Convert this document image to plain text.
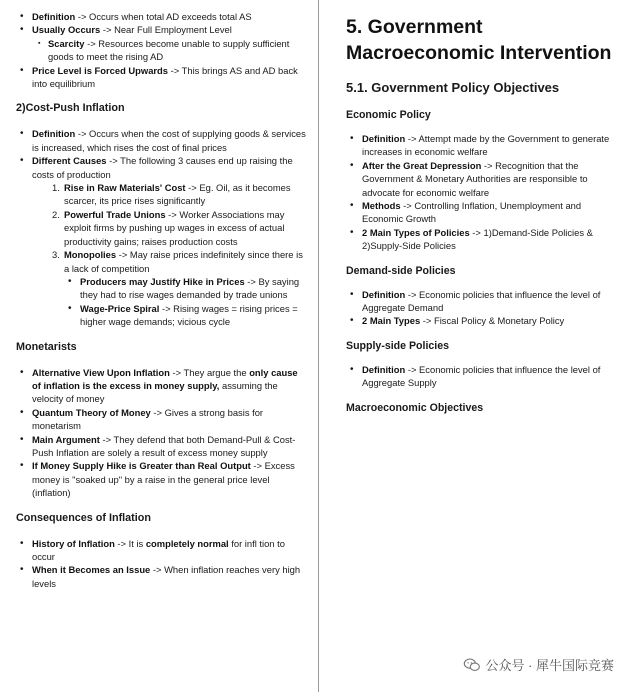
• Definition -> Occurs when total AD exceeds total AS
• Usually Occurs -> Near Full Employment Level
▪ Scarcity -> Resources become unable to supply sufficient goods to meet the rising AD
• Price Level is Forced Upwards -> This brings AS and AD back into equilibrium
2)Cost-Push Inflation
• Definition -> Occurs when the cost of supplying goods & services is increased, which rises the cost of final prices
• Different Causes -> The following 3 causes end up raising the costs of production
1. Rise in Raw Materials' Cost -> Eg. Oil, as it becomes scarcer, its price rises significantly
2. Powerful Trade Unions -> Worker Associations may exploit firms by pushing up wages in excess of actual productivity gains; raises production costs
3. Monopolies -> May raise prices indefinitely since there is a lack of competition
• Producers may Justify Hike in Prices -> By saying they had to rise wages demanded by trade unions
• Wage-Price Spiral -> Rising wages = rising prices = higher wage demands; vicious cycle
Monetarists
• Alternative View Upon Inflation -> They argue the only cause of inflation is the excess in money supply, assuming the velocity of money
• Quantum Theory of Money -> Gives a strong basis for monetarism
• Main Argument -> They defend that both Demand-Pull & Cost-Push Inflation are solely a result of excess money supply
• If Money Supply Hike is Greater than Real Output -> Excess money is "soaked up" by a raise in the general price level (inflation)
Consequences of Inflation
• History of Inflation -> It is completely normal for infl tion to occur
• When it Becomes an Issue -> When inflation reaches very high levels
5. Government Macroeconomic Intervention
5.1. Government Policy Objectives
Economic Policy
• Definition -> Attempt made by the Government to generate increases in economic welfare
• After the Great Depression -> Recognition that the Government & Monetary Authorities are responsible to advocate for economic welfare
• Methods -> Controlling Inflation, Unemployment and Economic Growth
• 2 Main Types of Policies -> 1)Demand-Side Policies & 2)Supply-Side Policies
Demand-side Policies
• Definition -> Economic policies that influence the level of Aggregate Demand
• 2 Main Types -> Fiscal Policy & Monetary Policy
Supply-side Policies
• Definition -> Economic policies that influence the level of Aggregate Supply
Macroeconomic Objectives
公众号 · 犀牛国际竞赛
